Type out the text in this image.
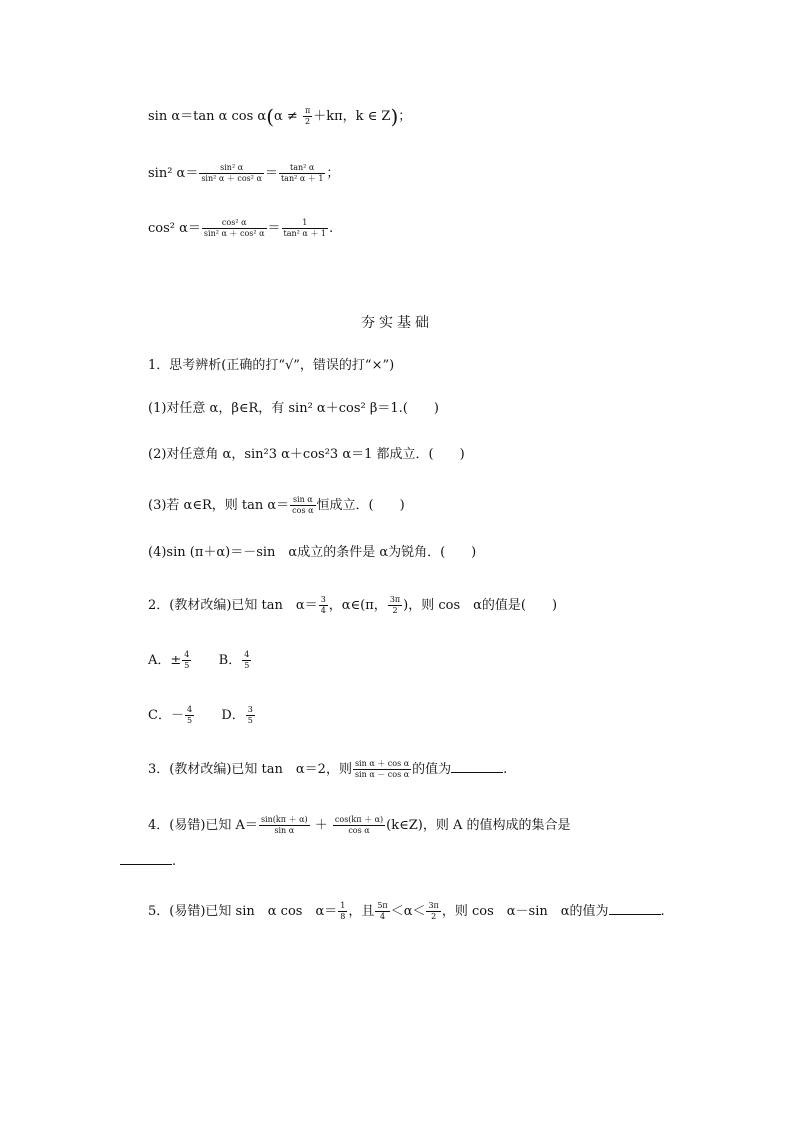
sin α＝tan α $\cos \alpha(\alpha \ne \frac{\pi}{2} +k\pi$，k ∈ Z)；
sin² $\alpha= \frac{\text{sin² α}}{\text{sin² α ＋ cos² α}} = \frac{\text{tan² α}}{\text{tan² α ＋ 1}}$ ；
cos² $\alpha= \frac{\text{cos² α}}{\text{sin² α ＋ cos² α}} = \frac{1}{\text{tan² α ＋ 1}}$ .
夯实基础
1．思考辨析(正确的打“√”，错误的打“×”)
(1)对任意 α，β∈R，有 sin² α＋cos² β＝1.(　　)
(2)对任意角 α，sin²3 α＋cos²3 α＝1 都成立．(　　)
(3)若 α∈R，则 $\tan \alpha= \frac{\text{sin α}}{\text{cos α}}$ 恒成立．(　　)
(4)sin (π＋α)＝－sin　α成立的条件是 α为锐角．(　　)
2．(教材改编)已知 tan　$\alpha= \frac{3}{4}$ ，α∈(π， $\frac{3\pi}{2}$ )，则 cos　α的值是(　　)
A．± $\frac{4}{5}$ B． $\frac{4}{5}$
C．－ $\frac{4}{5}$ D． $\frac{3}{5}$
3．(教材改编)已知 tan　α＝2，则 $\frac{\text{sin α ＋ cos α}}{\text{sin α － cos α}}$ 的值为	.
4．(易错)已知 $A= \frac{\sin(k\pi + \alpha)}{\text{sin α}} + \frac{\cos(k\pi + \alpha)}{\text{cos α}}$ (k∈Z)，则 A 的值构成的集合是
.
5．(易错)已知 sin　α cos　$\alpha= \frac{1}{8}$ ，且 $\frac{5\pi}{4} <\alpha< \frac{3\pi}{2}$ ，则 cos　α－sin　α的值为	.
